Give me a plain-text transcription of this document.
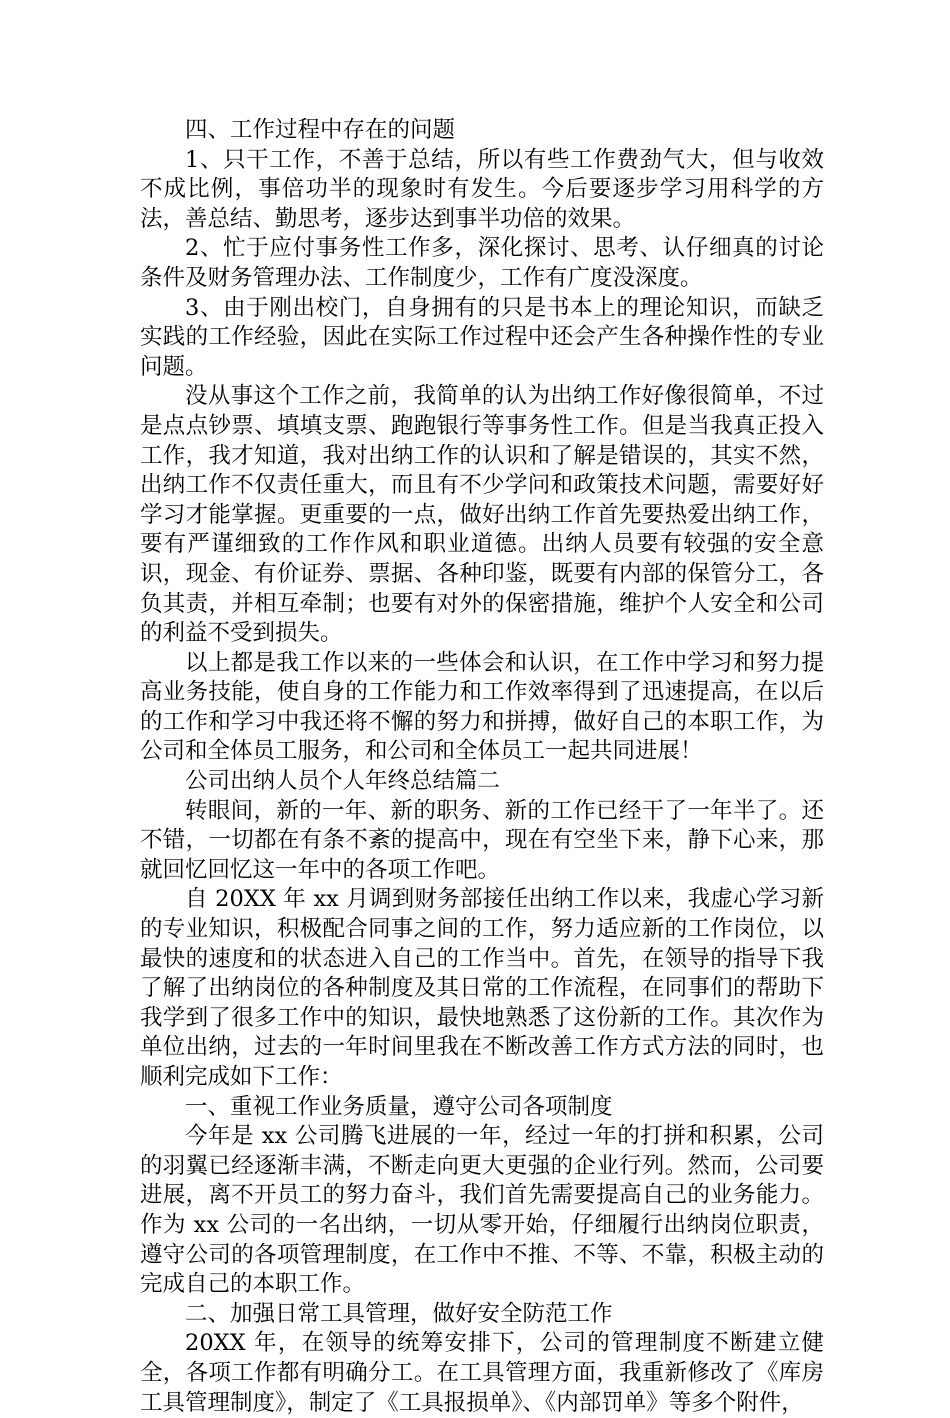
四、工作过程中存在的问题

1、只干工作，不善于总结，所以有些工作费劲气大，但与收效不成比例，事倍功半的现象时有发生。今后要逐步学习用科学的方法，善总结、勤思考，逐步达到事半功倍的效果。

2、忙于应付事务性工作多，深化探讨、思考、认仔细真的讨论条件及财务管理办法、工作制度少，工作有广度没深度。

3、由于刚出校门，自身拥有的只是书本上的理论知识，而缺乏实践的工作经验，因此在实际工作过程中还会产生各种操作性的专业问题。

没从事这个工作之前，我简单的认为出纳工作好像很简单，不过是点点钞票、填填支票、跑跑银行等事务性工作。但是当我真正投入工作，我才知道，我对出纳工作的认识和了解是错误的，其实不然，出纳工作不仅责任重大，而且有不少学问和政策技术问题，需要好好学习才能掌握。更重要的一点，做好出纳工作首先要热爱出纳工作，要有严谨细致的工作作风和职业道德。出纳人员要有较强的安全意识，现金、有价证券、票据、各种印鉴，既要有内部的保管分工，各负其责，并相互牵制；也要有对外的保密措施，维护个人安全和公司的利益不受到损失。

以上都是我工作以来的一些体会和认识，在工作中学习和努力提高业务技能，使自身的工作能力和工作效率得到了迅速提高，在以后的工作和学习中我还将不懈的努力和拼搏，做好自己的本职工作，为公司和全体员工服务，和公司和全体员工一起共同进展！

公司出纳人员个人年终总结篇二

转眼间，新的一年、新的职务、新的工作已经干了一年半了。还不错，一切都在有条不紊的提高中，现在有空坐下来，静下心来，那就回忆回忆这一年中的各项工作吧。

自 20XX 年 xx 月调到财务部接任出纳工作以来，我虚心学习新的专业知识，积极配合同事之间的工作，努力适应新的工作岗位，以最快的速度和的状态进入自己的工作当中。首先，在领导的指导下我了解了出纳岗位的各种制度及其日常的工作流程，在同事们的帮助下我学到了很多工作中的知识，最快地熟悉了这份新的工作。其次作为单位出纳，过去的一年时间里我在不断改善工作方式方法的同时，也顺利完成如下工作：

一、重视工作业务质量，遵守公司各项制度

今年是 xx 公司腾飞进展的一年，经过一年的打拼和积累，公司的羽翼已经逐渐丰满，不断走向更大更强的企业行列。然而，公司要进展，离不开员工的努力奋斗，我们首先需要提高自己的业务能力。作为 xx 公司的一名出纳，一切从零开始，仔细履行出纳岗位职责，遵守公司的各项管理制度，在工作中不推、不等、不靠，积极主动的完成自己的本职工作。

二、加强日常工具管理，做好安全防范工作

20XX 年，在领导的统筹安排下，公司的管理制度不断建立健全，各项工作都有明确分工。在工具管理方面，我重新修改了《库房工具管理制度》，制定了《工具报损单》、《内部罚单》等多个附件，
